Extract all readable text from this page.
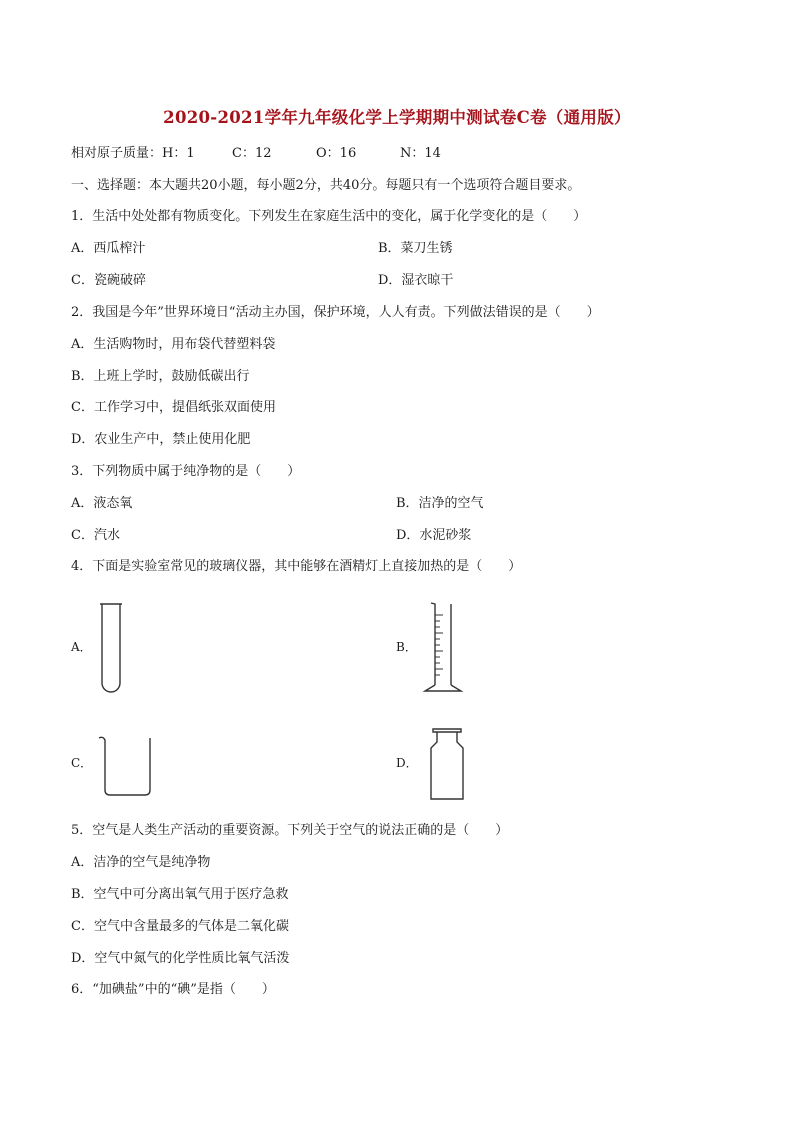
2020-2021学年九年级化学上学期期中测试卷C卷（通用版）
相对原子质量：H：1	C：12	O：16	N：14
一、选择题：本大题共20小题，每小题2分，共40分。每题只有一个选项符合题目要求。
1．生活中处处都有物质变化。下列发生在家庭生活中的变化，属于化学变化的是（　　）
A．西瓜榨汁	B．菜刀生锈
C．瓷碗破碎	D．湿衣晾干
2．我国是今年”世界环境日“活动主办国，保护环境，人人有责。下列做法错误的是（　　）
A．生活购物时，用布袋代替塑料袋
B．上班上学时，鼓励低碳出行
C．工作学习中，提倡纸张双面使用
D．农业生产中，禁止使用化肥
3．下列物质中属于纯净物的是（　　）
A．液态氧	B．洁净的空气
C．汽水	D．水泥砂浆
4．下面是实验室常见的玻璃仪器，其中能够在酒精灯上直接加热的是（　　）
A．	B．
C．	D．
5．空气是人类生产活动的重要资源。下列关于空气的说法正确的是（　　）
A．洁净的空气是纯净物
B．空气中可分离出氧气用于医疗急救
C．空气中含量最多的气体是二氧化碳
D．空气中氮气的化学性质比氧气活泼
6．“加碘盐”中的“碘”是指（　　）
